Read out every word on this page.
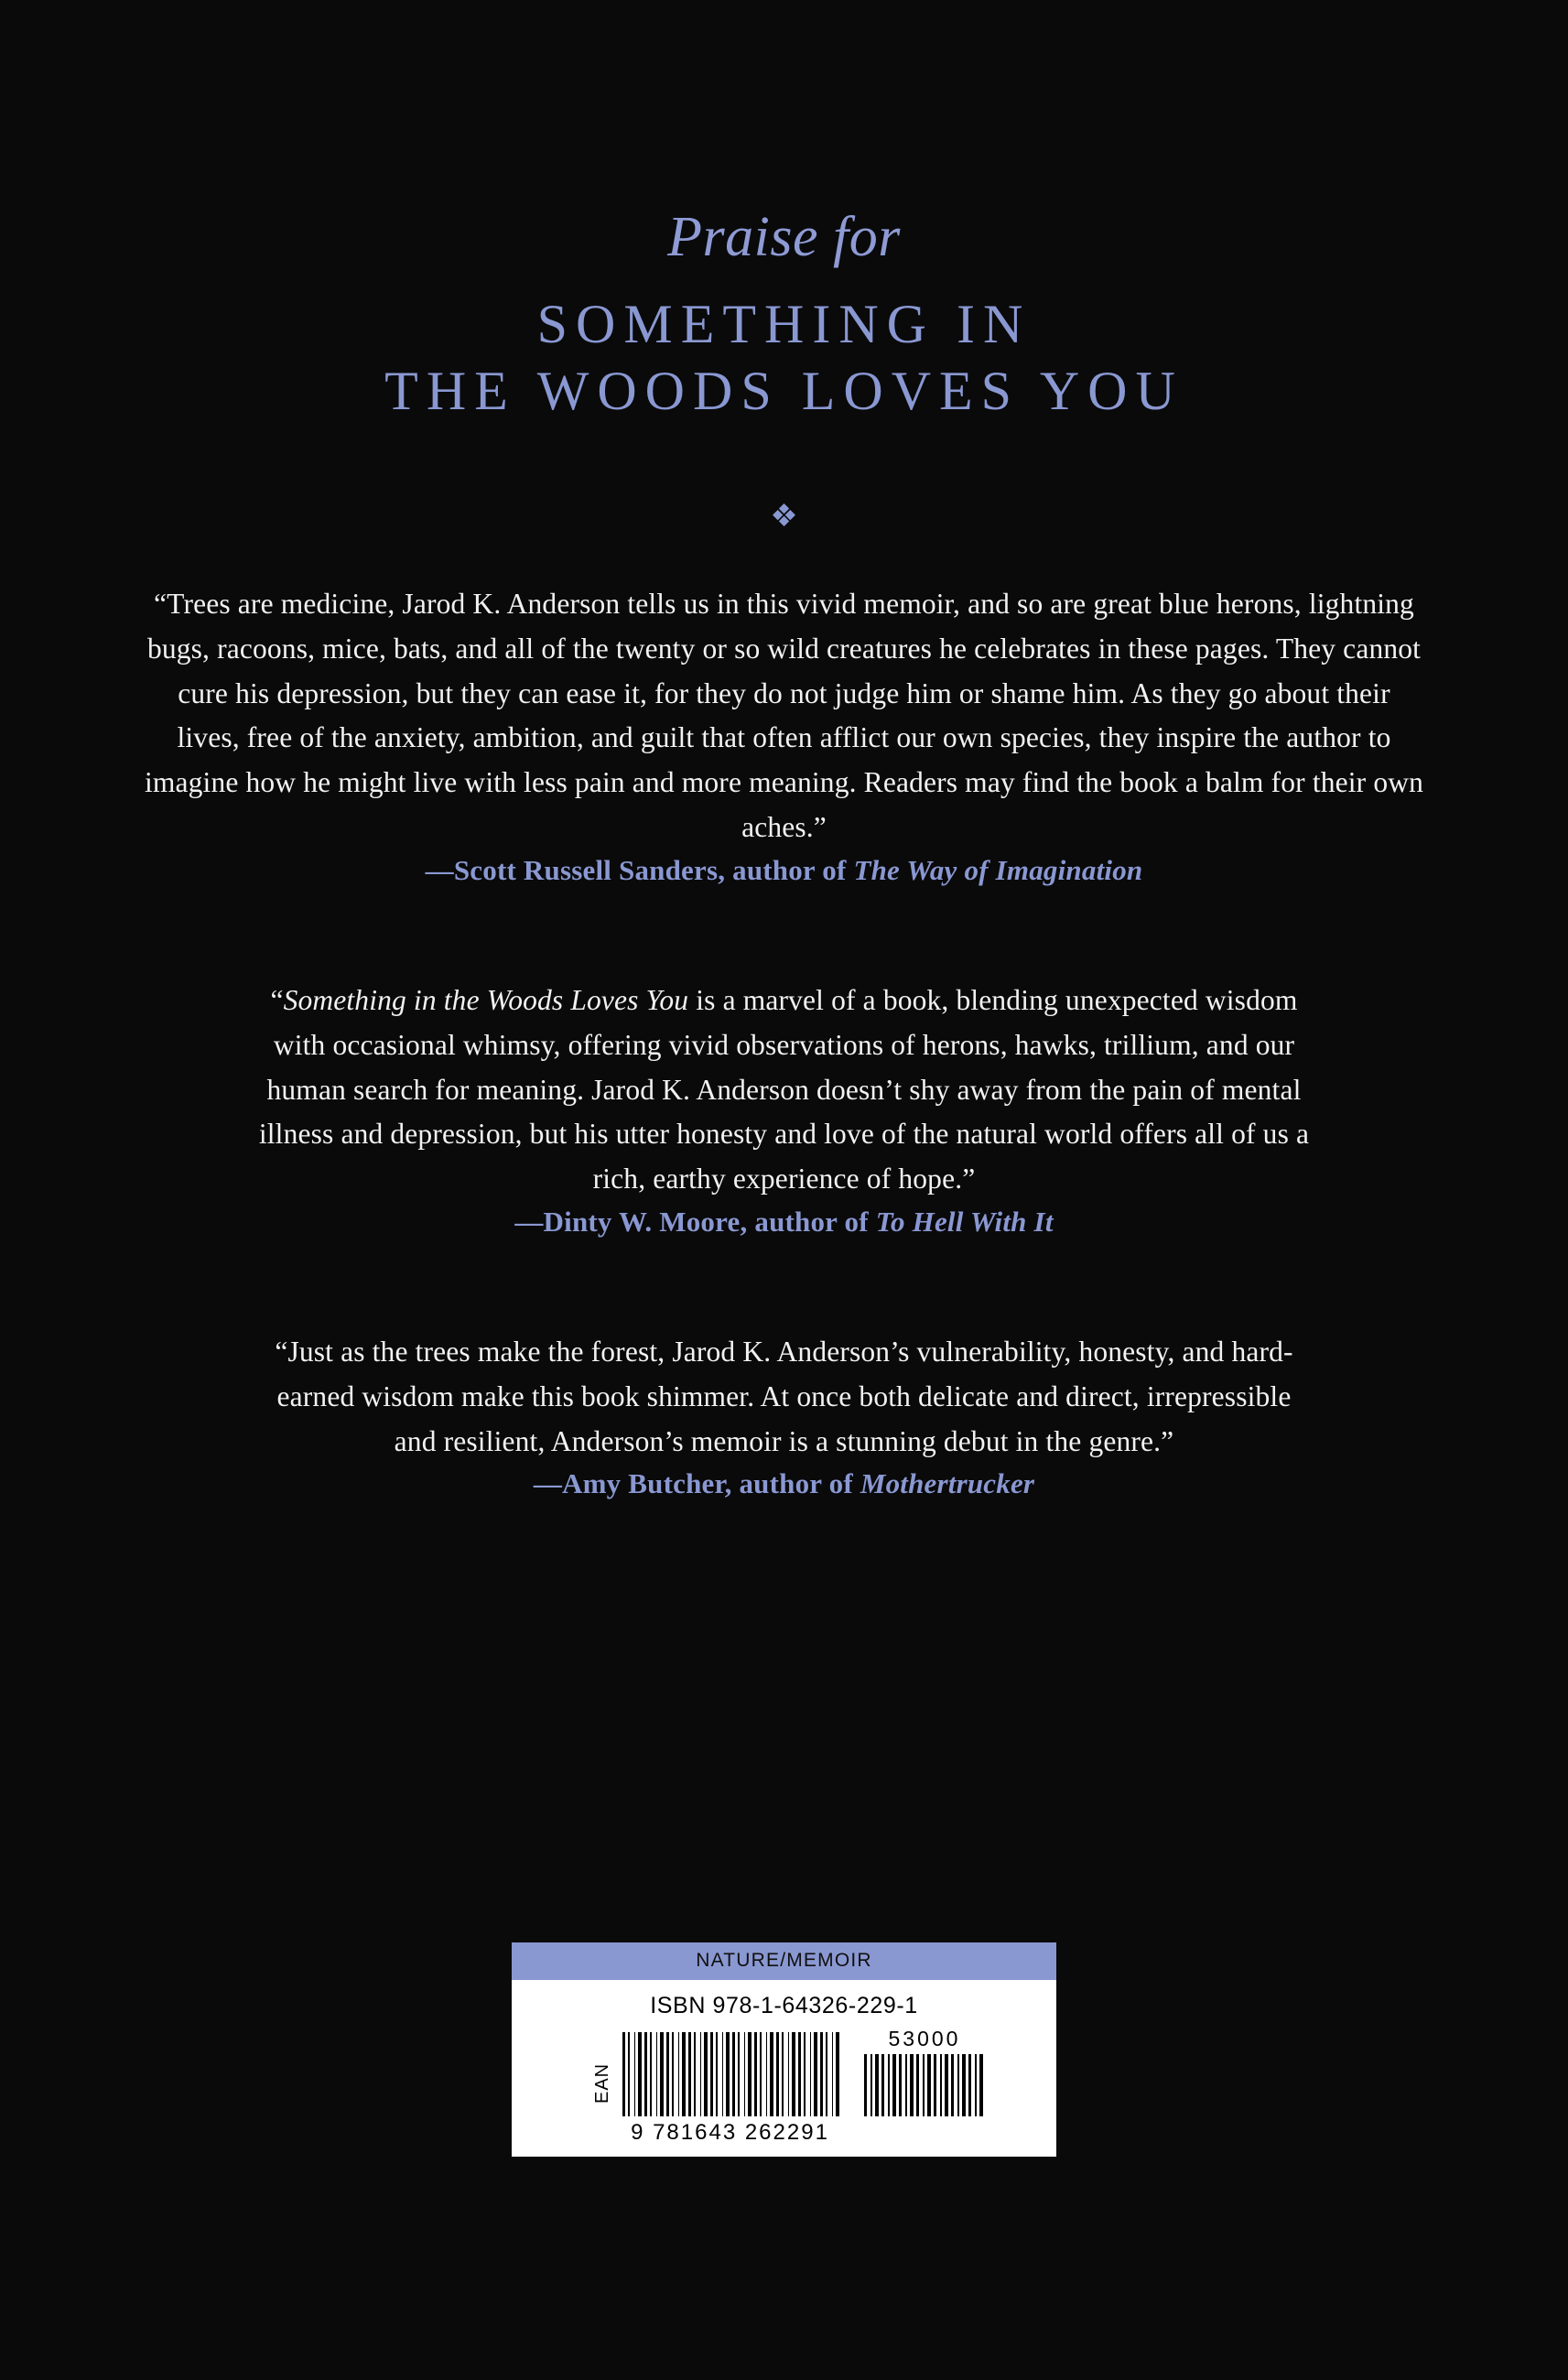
Praise for
SOMETHING IN
THE WOODS LOVES YOU
❖
“Trees are medicine, Jarod K. Anderson tells us in this vivid memoir, and so are great blue herons, lightning bugs, racoons, mice, bats, and all of the twenty or so wild creatures he celebrates in these pages. They cannot cure his depression, but they can ease it, for they do not judge him or shame him. As they go about their lives, free of the anxiety, ambition, and guilt that often afflict our own species, they inspire the author to imagine how he might live with less pain and more meaning. Readers may find the book a balm for their own aches.”
—Scott Russell Sanders, author of The Way of Imagination
“Something in the Woods Loves You is a marvel of a book, blending unexpected wisdom with occasional whimsy, offering vivid observations of herons, hawks, trillium, and our human search for meaning. Jarod K. Anderson doesn’t shy away from the pain of mental illness and depression, but his utter honesty and love of the natural world offers all of us a rich, earthy experience of hope.”
—Dinty W. Moore, author of To Hell With It
“Just as the trees make the forest, Jarod K. Anderson’s vulnerability, honesty, and hard-earned wisdom make this book shimmer. At once both delicate and direct, irrepressible and resilient, Anderson’s memoir is a stunning debut in the genre.”
—Amy Butcher, author of Mothertrucker
NATURE/MEMOIR
ISBN 978-1-64326-229-1
EAN
53000
9 781643 262291
